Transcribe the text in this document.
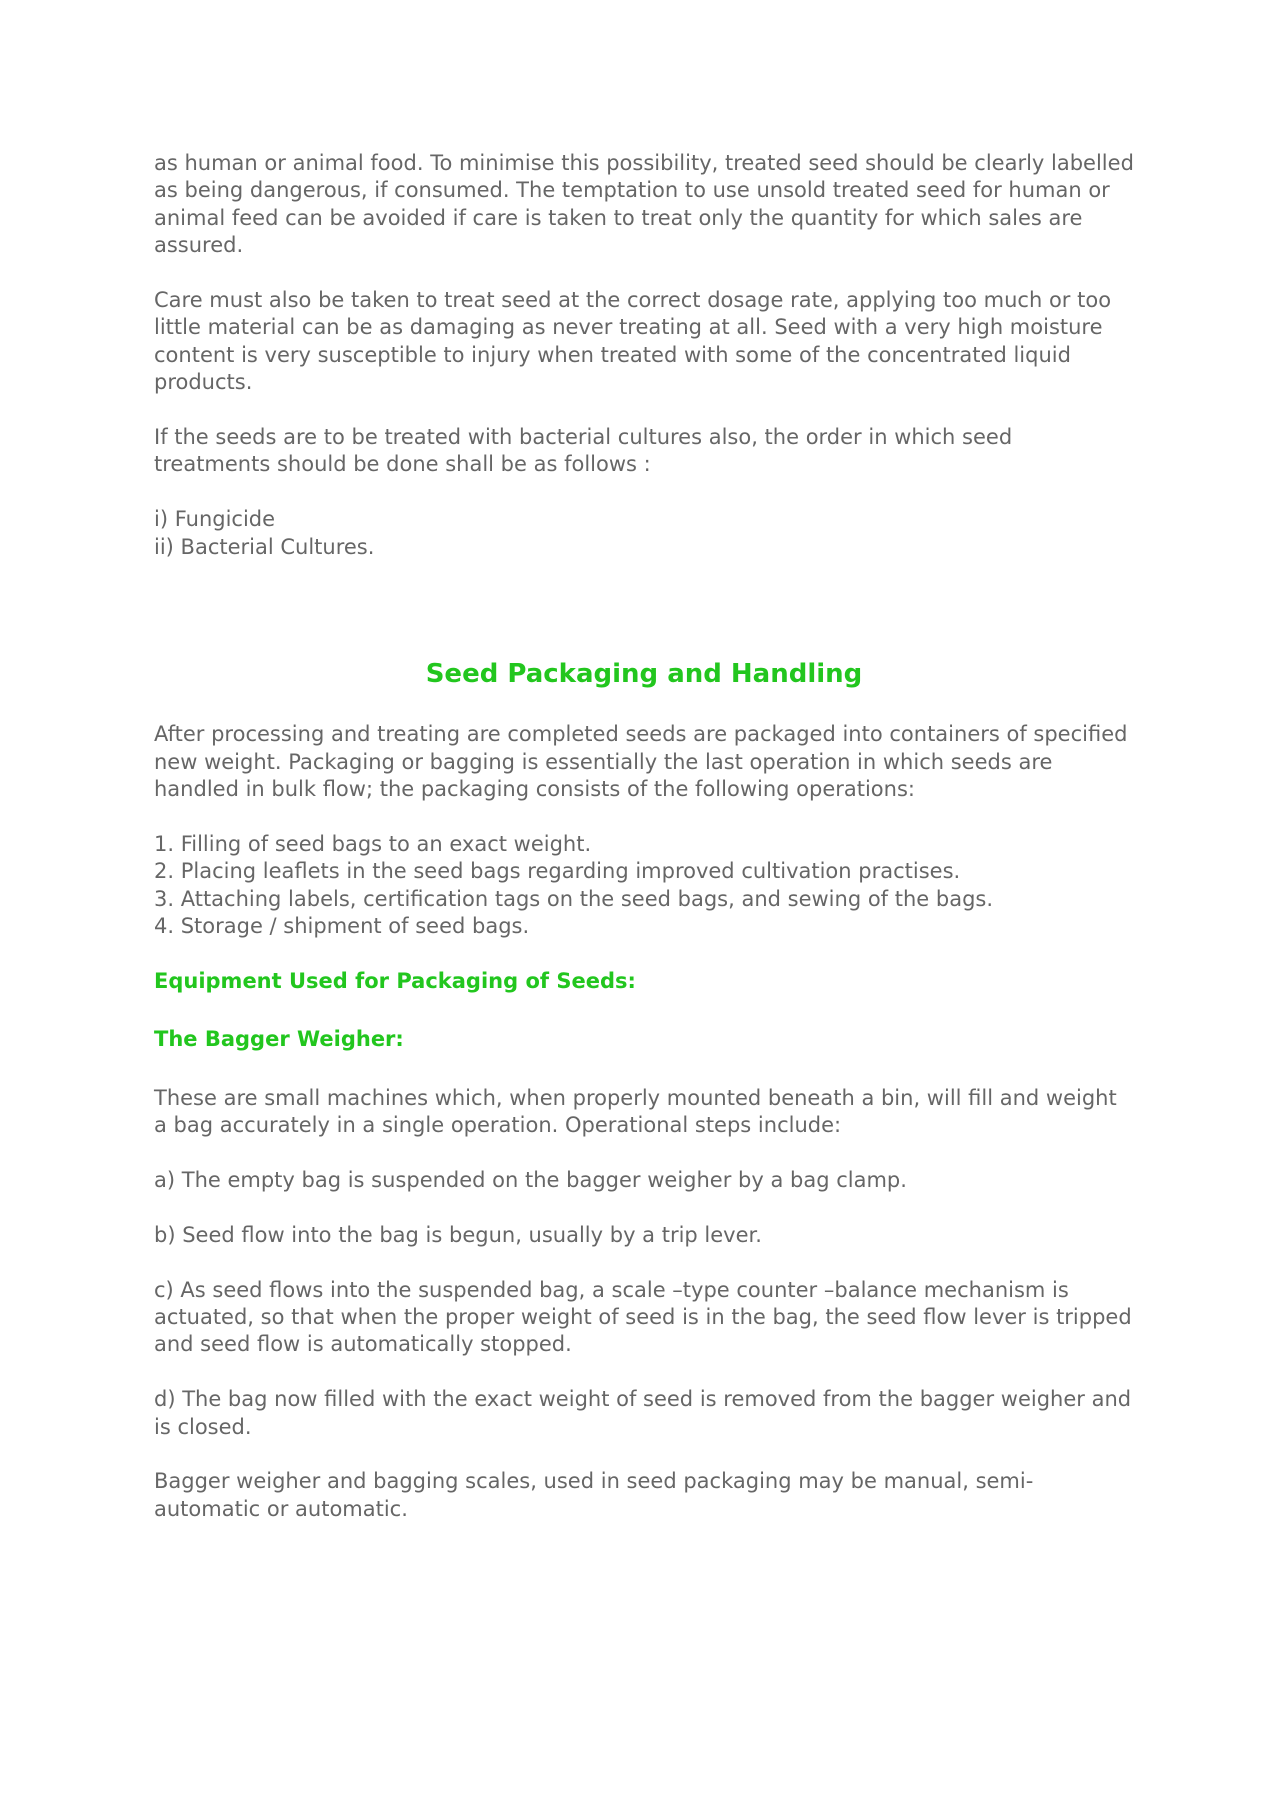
as human or animal food. To minimise this possibility, treated seed should be clearly labelled as being dangerous, if consumed. The temptation to use unsold treated seed for human or animal feed can be avoided if care is taken to treat only the quantity for which sales are assured.

Care must also be taken to treat seed at the correct dosage rate, applying too much or too little material can be as damaging as never treating at all. Seed with a very high moisture content is very susceptible to injury when treated with some of the concentrated liquid products.

If the seeds are to be treated with bacterial cultures also, the order in which seed treatments should be done shall be as follows :

i) Fungicide
ii) Bacterial Cultures.
Seed Packaging and Handling

After processing and treating are completed seeds are packaged into containers of specified new weight. Packaging or bagging is essentially the last operation in which seeds are handled in bulk flow; the packaging consists of the following operations:

1. Filling of seed bags to an exact weight.
2. Placing leaflets in the seed bags regarding improved cultivation practises.
3. Attaching labels, certification tags on the seed bags, and sewing of the bags.
4. Storage / shipment of seed bags.
Equipment Used for Packaging of Seeds:
The Bagger Weigher:

These are small machines which, when properly mounted beneath a bin, will fill and weight a bag accurately in a single operation. Operational steps include:

a) The empty bag is suspended on the bagger weigher by a bag clamp.

b) Seed flow into the bag is begun, usually by a trip lever.

c) As seed flows into the suspended bag, a scale –type counter –balance mechanism is actuated, so that when the proper weight of seed is in the bag, the seed flow lever is tripped and seed flow is automatically stopped.

d) The bag now filled with the exact weight of seed is removed from the bagger weigher and is closed.

Bagger weigher and bagging scales, used in seed packaging may be manual, semi-automatic or automatic.
